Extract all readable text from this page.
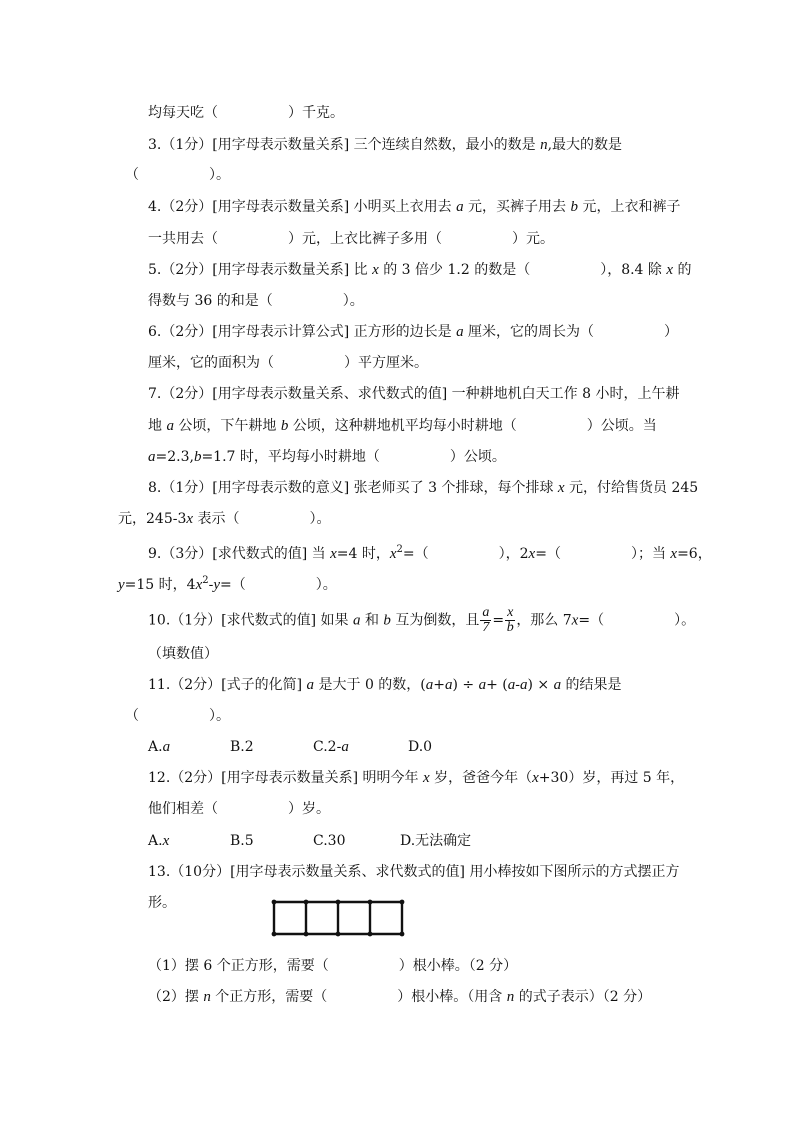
均每天吃（　　　　　）千克。
3.（1分）[用字母表示数量关系] 三个连续自然数，最小的数是 n,最大的数是
（　　　　　）。
4.（2分）[用字母表示数量关系] 小明买上衣用去 a 元，买裤子用去 b 元，上衣和裤子
一共用去（　　　　　）元，上衣比裤子多用（　　　　　）元。
5.（2分）[用字母表示数量关系] 比 x 的 3 倍少 1.2 的数是（　　　　　），8.4 除 x 的
得数与 36 的和是（　　　　　）。
6.（2分）[用字母表示计算公式] 正方形的边长是 a 厘米，它的周长为（　　　　　）
厘米，它的面积为（　　　　　）平方厘米。
7.（2分）[用字母表示数量关系、求代数式的值] 一种耕地机白天工作 8 小时，上午耕
地 a 公顷，下午耕地 b 公顷，这种耕地机平均每小时耕地（　　　　　）公顷。当
a=2.3,b=1.7 时，平均每小时耕地（　　　　　）公顷。
8.（1分）[用字母表示数的意义] 张老师买了 3 个排球，每个排球 x 元，付给售货员 245
元，245-3x 表示（　　　　　）。
9.（3分）[求代数式的值] 当 x=4 时，$x^2=$（　　　　　），2x=（　　　　　）；当 x=6，
y=15 时，$4x^2-y=$（　　　　　）。
10.（1分）[求代数式的值] 如果 a 和 b 互为倒数，且 $\frac{a}{7} = \frac{x}{b}$ ，那么 7x=（　　　　　）。
（填数值）
11.（2分）[式子的化简] a 是大于 0 的数，(a+a) ÷ a+ (a-a) × a 的结果是
（　　　　　）。
A.a	B.2	C.2-a	D.0
12.（2分）[用字母表示数量关系] 明明今年 x 岁，爸爸今年（x+30）岁，再过 5 年，
他们相差（　　　　　）岁。
A.x	B.5	C.30	D.无法确定
13.（10分）[用字母表示数量关系、求代数式的值] 用小棒按如下图所示的方式摆正方
形。
（1）摆 6 个正方形，需要（　　　　　）根小棒。（2 分）
（2）摆 n 个正方形，需要（　　　　　）根小棒。（用含 n 的式子表示）（2 分）
